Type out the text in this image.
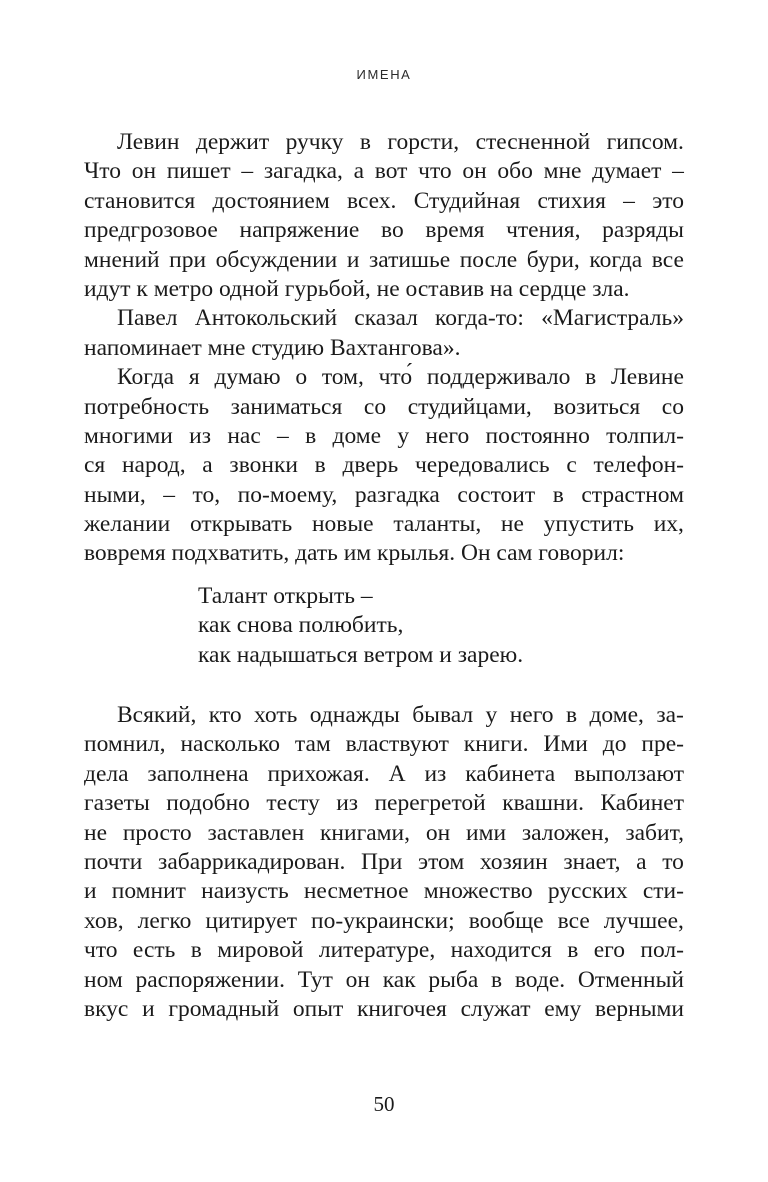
ИМЕНА
Левин держит ручку в горсти, стесненной гипсом.
Что он пишет – загадка, а вот что он обо мне думает –
становится достоянием всех. Студийная стихия – это
предгрозовое напряжение во время чтения, разряды
мнений при обсуждении и затишье после бури, когда все
идут к метро одной гурьбой, не оставив на сердце зла.
Павел Антокольский сказал когда-то: «Магистраль»
напоминает мне студию Вахтангова».
Когда я думаю о том, что́ поддерживало в Левине
потребность заниматься со студийцами, возиться со
многими из нас – в доме у него постоянно толпил-
ся народ, а звонки в дверь чередовались с телефон-
ными, – то, по-моему, разгадка состоит в страстном
желании открывать новые таланты, не упустить их,
вовремя подхватить, дать им крылья. Он сам говорил:
Талант открыть –
как снова полюбить,
как надышаться ветром и зарею.
Всякий, кто хоть однажды бывал у него в доме, за-
помнил, насколько там властвуют книги. Ими до пре-
дела заполнена прихожая. А из кабинета выползают
газеты подобно тесту из перегретой квашни. Кабинет
не просто заставлен книгами, он ими заложен, забит,
почти забаррикадирован. При этом хозяин знает, а то
и помнит наизусть несметное множество русских сти-
хов, легко цитирует по-украински; вообще все лучшее,
что есть в мировой литературе, находится в его пол-
ном распоряжении. Тут он как рыба в воде. Отменный
вкус и громадный опыт книгочея служат ему верными
50
